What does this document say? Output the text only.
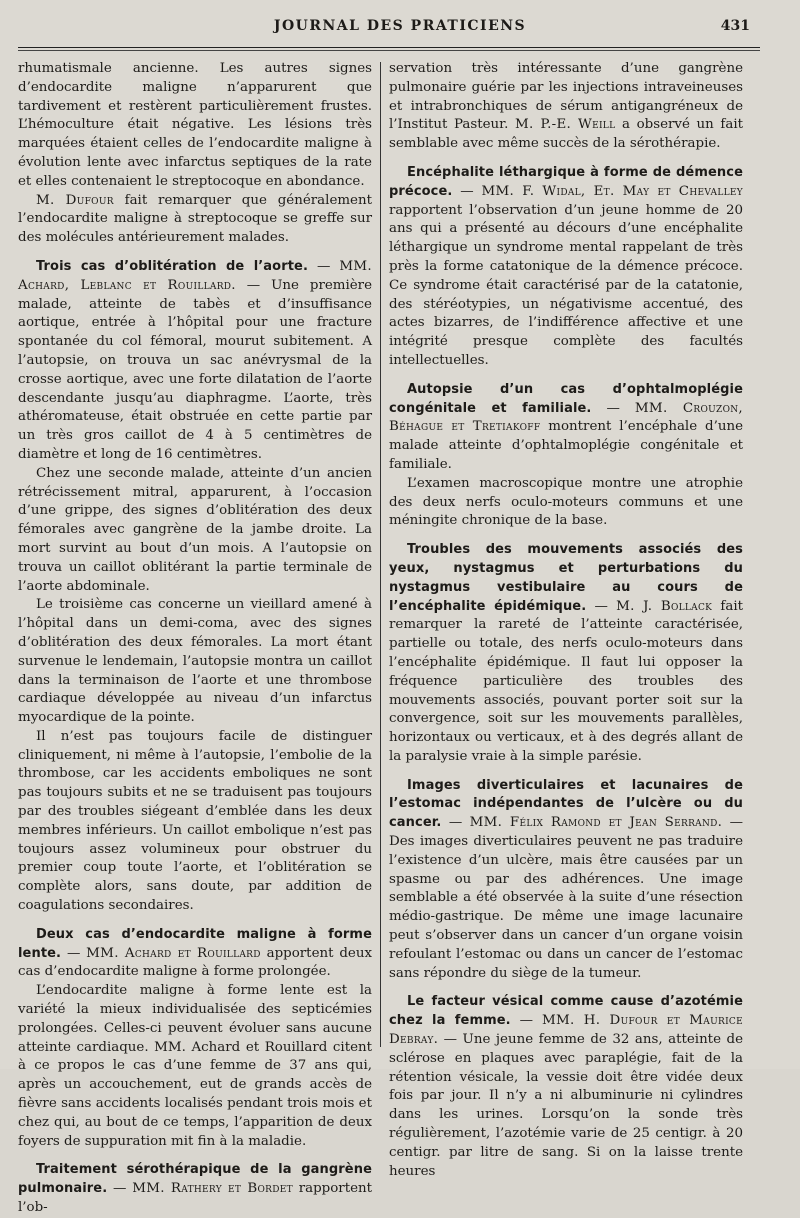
JOURNAL DES PRATICIENS	431

rhumatismale ancienne. Les autres signes d’endocardite maligne n’apparurent que tardivement et restèrent particulièrement frustes. L’hémoculture était négative. Les lésions très marquées étaient celles de l’endocardite maligne à évolution lente avec infarctus septiques de la rate et elles contenaient le streptocoque en abondance.

M. Dufour fait remarquer que généralement l’endocardite maligne à streptocoque se greffe sur des molécules antérieurement malades.

Trois cas d’oblitération de l’aorte. — MM. Achard, Leblanc et Rouillard. — Une première malade, atteinte de tabès et d’insuffisance aortique, entrée à l’hôpital pour une fracture spontanée du col fémoral, mourut subitement. A l’autopsie, on trouva un sac anévrysmal de la crosse aortique, avec une forte dilatation de l’aorte descendante jusqu’au diaphragme. L’aorte, très athéromateuse, était obstruée en cette partie par un très gros caillot de 4 à 5 centimètres de diamètre et long de 16 centimètres.

Chez une seconde malade, atteinte d’un ancien rétrécissement mitral, apparurent, à l’occasion d’une grippe, des signes d’oblitération des deux fémorales avec gangrène de la jambe droite. La mort survint au bout d’un mois. A l’autopsie on trouva un caillot oblitérant la partie terminale de l’aorte abdominale.

Le troisième cas concerne un vieillard amené à l’hôpital dans un demi-coma, avec des signes d’oblitération des deux fémorales. La mort étant survenue le lendemain, l’autopsie montra un caillot dans la terminaison de l’aorte et une thrombose cardiaque développée au niveau d’un infarctus myocardique de la pointe.

Il n’est pas toujours facile de distinguer cliniquement, ni même à l’autopsie, l’embolie de la thrombose, car les accidents emboliques ne sont pas toujours subits et ne se traduisent pas toujours par des troubles siégeant d’emblée dans les deux membres inférieurs. Un caillot embolique n’est pas toujours assez volumineux pour obstruer du premier coup toute l’aorte, et l’oblitération se complète alors, sans doute, par addition de coagulations secondaires.

Deux cas d’endocardite maligne à forme lente. — MM. Achard et Rouillard apportent deux cas d’endocardite maligne à forme prolongée.

L’endocardite maligne à forme lente est la variété la mieux individualisée des septicémies prolongées. Celles-ci peuvent évoluer sans aucune atteinte cardiaque. MM. Achard et Rouillard citent à ce propos le cas d’une femme de 37 ans qui, après un accouchement, eut de grands accès de fièvre sans accidents localisés pendant trois mois et chez qui, au bout de ce temps, l’apparition de deux foyers de suppuration mit fin à la maladie.

Traitement sérothérapique de la gangrène pulmonaire. — MM. Rathery et Bordet rapportent l’ob-

servation très intéressante d’une gangrène pulmonaire guérie par les injections intraveineuses et intrabronchiques de sérum antigangréneux de l’Institut Pasteur. M. P.-E. Weill a observé un fait semblable avec même succès de la sérothérapie.

Encéphalite léthargique à forme de démence précoce. — MM. F. Widal, Et. May et Chevalley rapportent l’observation d’un jeune homme de 20 ans qui a présenté au décours d’une encéphalite léthargique un syndrome mental rappelant de très près la forme catatonique de la démence précoce. Ce syndrome était caractérisé par de la catatonie, des stéréotypies, un négativisme accentué, des actes bizarres, de l’indifférence affective et une intégrité presque complète des facultés intellectuelles.

Autopsie d’un cas d’ophtalmoplégie congénitale et familiale. — MM. Crouzon, Béhague et Tretiakoff montrent l’encéphale d’une malade atteinte d’ophtalmoplégie congénitale et familiale.

L’examen macroscopique montre une atrophie des deux nerfs oculo-moteurs communs et une méningite chronique de la base.

Troubles des mouvements associés des yeux, nystagmus et perturbations du nystagmus vestibulaire au cours de l’encéphalite épidémique. — M. J. Bollack fait remarquer la rareté de l’atteinte caractérisée, partielle ou totale, des nerfs oculo-moteurs dans l’encéphalite épidémique. Il faut lui opposer la fréquence particulière des troubles des mouvements associés, pouvant porter soit sur la convergence, soit sur les mouvements parallèles, horizontaux ou verticaux, et à des degrés allant de la paralysie vraie à la simple parésie.

Images diverticulaires et lacunaires de l’estomac indépendantes de l’ulcère ou du cancer. — MM. Félix Ramond et Jean Serrand. — Des images diverticulaires peuvent ne pas traduire l’existence d’un ulcère, mais être causées par un spasme ou par des adhérences. Une image semblable a été observée à la suite d’une résection médio-gastrique. De même une image lacunaire peut s’observer dans un cancer d’un organe voisin refoulant l’estomac ou dans un cancer de l’estomac sans répondre du siège de la tumeur.

Le facteur vésical comme cause d’azotémie chez la femme. — MM. H. Dufour et Maurice Debray. — Une jeune femme de 32 ans, atteinte de sclérose en plaques avec paraplégie, fait de la rétention vésicale, la vessie doit être vidée deux fois par jour. Il n’y a ni albuminurie ni cylindres dans les urines. Lorsqu’on la sonde très régulièrement, l’azotémie varie de 25 centigr. à 20 centigr. par litre de sang. Si on la laisse trente heures
